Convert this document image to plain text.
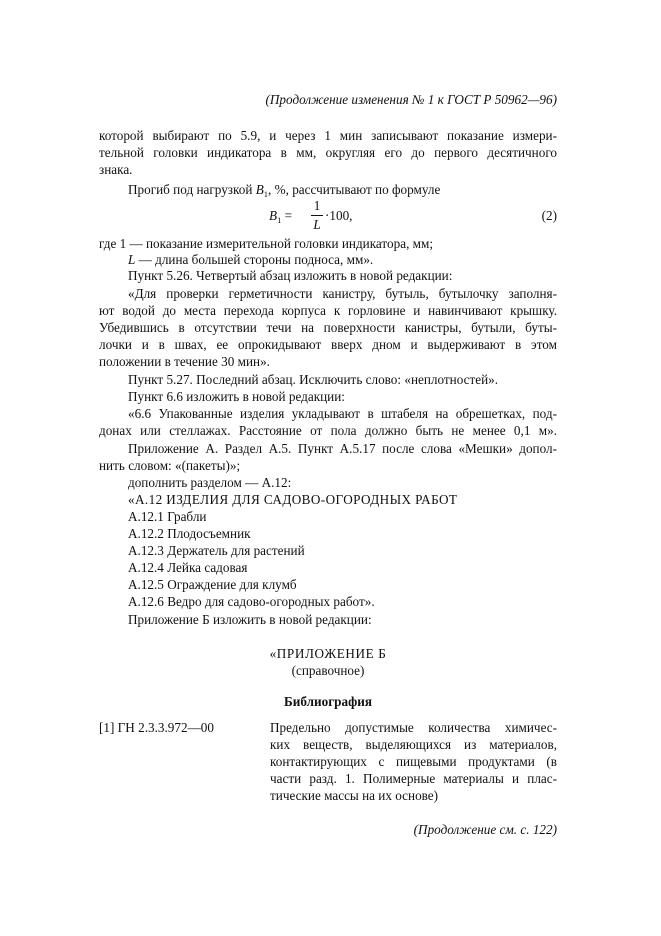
(Продолжение изменения № 1 к ГОСТ Р 50962—96)
которой выбирают по 5.9, и через 1 мин записывают показание измери-
тельной головки индикатора в мм, округляя его до первого десятичного
знака.
Прогиб под нагрузкой $B_1$, %, рассчитывают по формуле
$B_1$ =
1
L
·100,	(2)
где 1 — показание измерительной головки индикатора, мм;
L — длина большей стороны подноса, мм».
Пункт 5.26. Четвертый абзац изложить в новой редакции:
«Для проверки герметичности канистру, бутыль, бутылочку заполня-
ют водой до места перехода корпуса к горловине и навинчивают крышку.
Убедившись в отсутствии течи на поверхности канистры, бутыли, буты-
лочки и в швах, ее опрокидывают вверх дном и выдерживают в этом
положении в течение 30 мин».
Пункт 5.27. Последний абзац. Исключить слово: «неплотностей».
Пункт 6.6 изложить в новой редакции:
«6.6 Упакованные изделия укладывают в штабеля на обрешетках, под-
донах или стеллажах. Расстояние от пола должно быть не менее 0,1 м».
Приложение А. Раздел А.5. Пункт А.5.17 после слова «Мешки» допол-
нить словом: «(пакеты)»;
дополнить разделом — А.12:
«А.12 ИЗДЕЛИЯ ДЛЯ САДОВО-ОГОРОДНЫХ РАБОТ
А.12.1 Грабли
А.12.2 Плодосъемник
А.12.3 Держатель для растений
А.12.4 Лейка садовая
А.12.5 Ограждение для клумб
А.12.6 Ведро для садово-огородных работ».
Приложение Б изложить в новой редакции:
«ПРИЛОЖЕНИЕ Б
(справочное)
Библиография
[1] ГН 2.3.3.972—00	Предельно допустимые количества химичес-
ких веществ, выделяющихся из материалов,
контактирующих с пищевыми продуктами (в
части разд. 1. Полимерные материалы и плас-
тические массы на их основе)
(Продолжение см. с. 122)
